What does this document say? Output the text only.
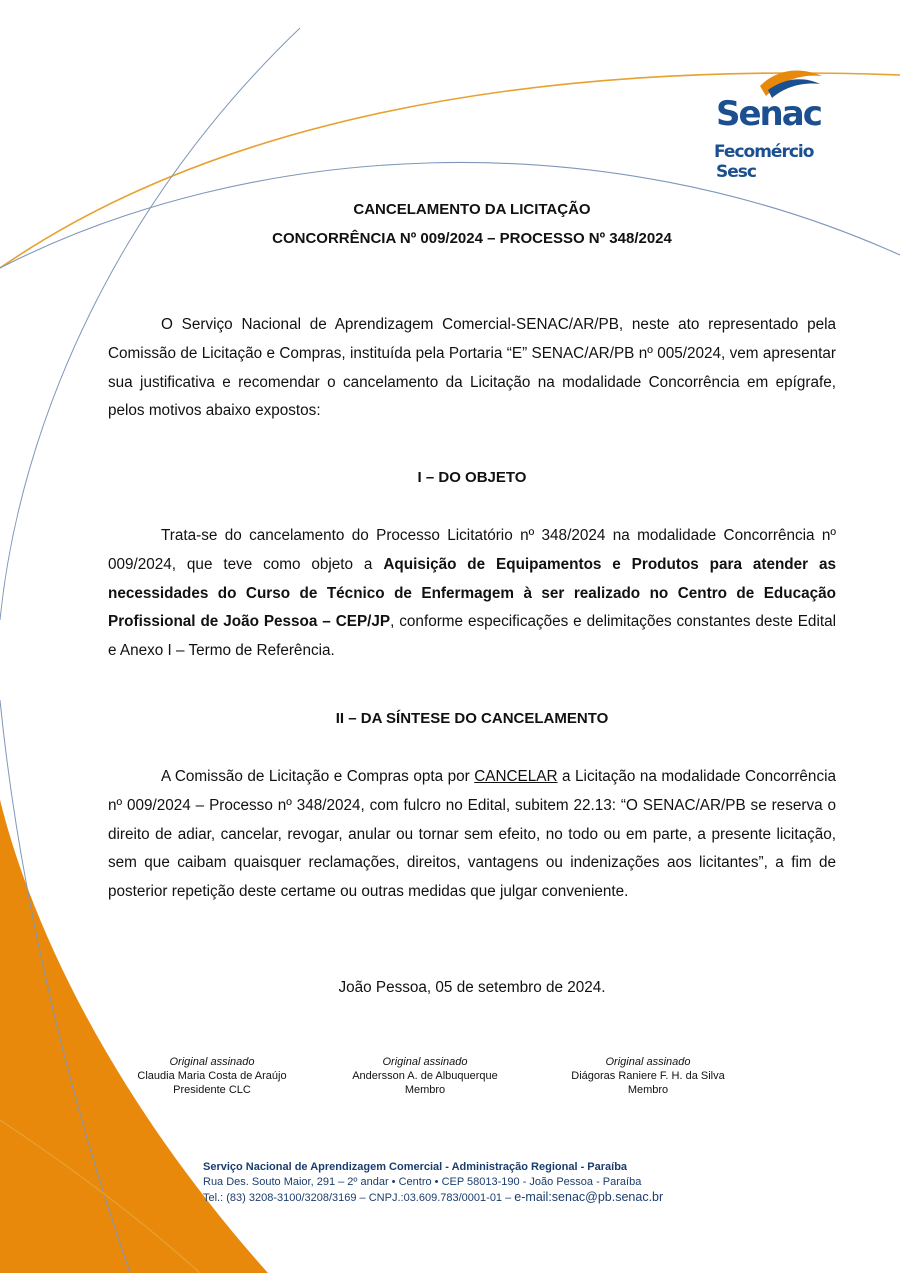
Senac
Fecomércio
Sesc
CANCELAMENTO DA LICITAÇÃO
CONCORRÊNCIA Nº 009/2024 – PROCESSO Nº 348/2024

O Serviço Nacional de Aprendizagem Comercial-SENAC/AR/PB, neste ato representado pela Comissão de Licitação e Compras, instituída pela Portaria “E” SENAC/AR/PB nº 005/2024, vem apresentar sua justificativa e recomendar o cancelamento da Licitação na modalidade Concorrência em epígrafe, pelos motivos abaixo expostos:

I – DO OBJETO

Trata-se do cancelamento do Processo Licitatório nº 348/2024 na modalidade Concorrência nº 009/2024, que teve como objeto a Aquisição de Equipamentos e Produtos para atender as necessidades do Curso de Técnico de Enfermagem à ser realizado no Centro de Educação Profissional de João Pessoa – CEP/JP, conforme especificações e delimitações constantes deste Edital e Anexo I – Termo de Referência.

II – DA SÍNTESE DO CANCELAMENTO

A Comissão de Licitação e Compras opta por CANCELAR a Licitação na modalidade Concorrência nº 009/2024 – Processo nº 348/2024, com fulcro no Edital, subitem 22.13: “O SENAC/AR/PB se reserva o direito de adiar, cancelar, revogar, anular ou tornar sem efeito, no todo ou em parte, a presente licitação, sem que caibam quaisquer reclamações, direitos, vantagens ou indenizações aos licitantes”, a fim de posterior repetição deste certame ou outras medidas que julgar conveniente.

João Pessoa, 05 de setembro de 2024.
Original assinado
Claudia Maria Costa de Araújo
Presidente CLC
Original assinado
Andersson A. de Albuquerque
Membro
Original assinado
Diágoras Raniere F. H. da Silva
Membro
Serviço Nacional de Aprendizagem Comercial - Administração Regional - Paraíba
Rua Des. Souto Maior, 291 – 2º andar • Centro • CEP 58013-190 - João Pessoa - Paraíba
Tel.: (83) 3208-3100/3208/3169 – CNPJ.:03.609.783/0001-01 – e-mail:senac@pb.senac.br
